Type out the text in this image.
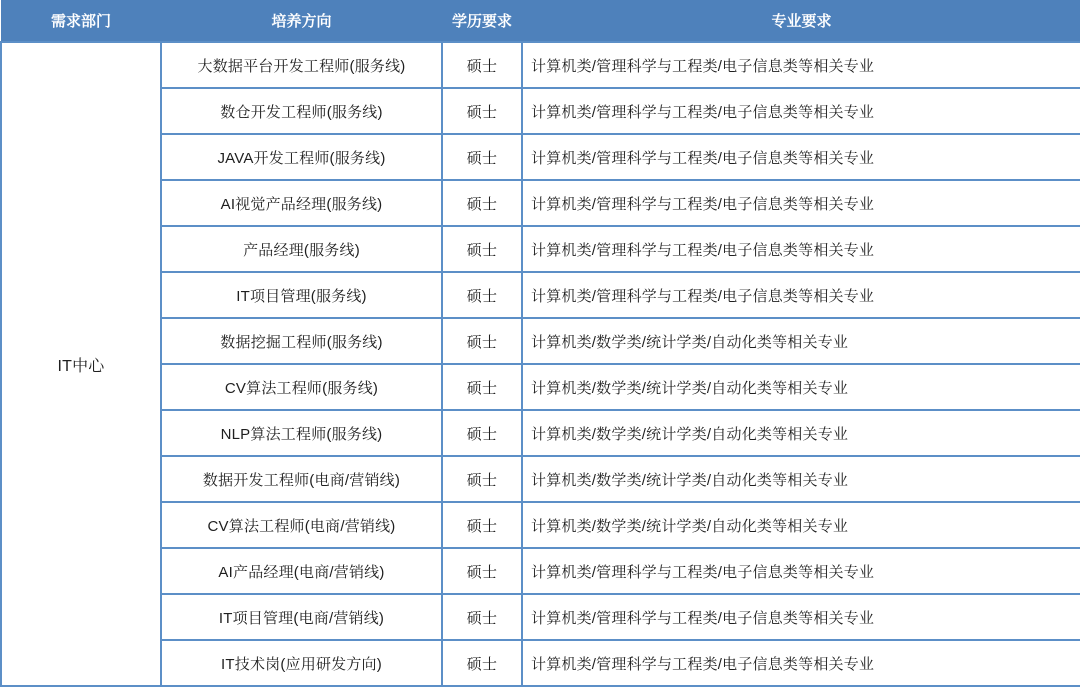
需求部门	培养方向	学历要求	专业要求
IT中心	大数据平台开发工程师(服务线)	硕士	计算机类/管理科学与工程类/电子信息类等相关专业
	数仓开发工程师(服务线)	硕士	计算机类/管理科学与工程类/电子信息类等相关专业
	JAVA开发工程师(服务线)	硕士	计算机类/管理科学与工程类/电子信息类等相关专业
	AI视觉产品经理(服务线)	硕士	计算机类/管理科学与工程类/电子信息类等相关专业
	产品经理(服务线)	硕士	计算机类/管理科学与工程类/电子信息类等相关专业
	IT项目管理(服务线)	硕士	计算机类/管理科学与工程类/电子信息类等相关专业
	数据挖掘工程师(服务线)	硕士	计算机类/数学类/统计学类/自动化类等相关专业
	CV算法工程师(服务线)	硕士	计算机类/数学类/统计学类/自动化类等相关专业
	NLP算法工程师(服务线)	硕士	计算机类/数学类/统计学类/自动化类等相关专业
	数据开发工程师(电商/营销线)	硕士	计算机类/数学类/统计学类/自动化类等相关专业
	CV算法工程师(电商/营销线)	硕士	计算机类/数学类/统计学类/自动化类等相关专业
	AI产品经理(电商/营销线)	硕士	计算机类/管理科学与工程类/电子信息类等相关专业
	IT项目管理(电商/营销线)	硕士	计算机类/管理科学与工程类/电子信息类等相关专业
	IT技术岗(应用研发方向)	硕士	计算机类/管理科学与工程类/电子信息类等相关专业
